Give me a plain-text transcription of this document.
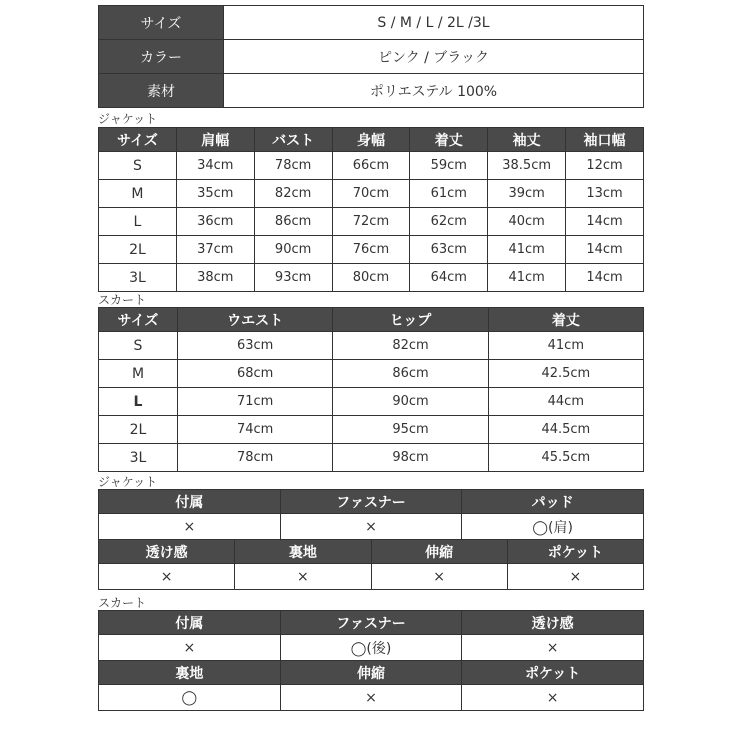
サイズ	S / M / L / 2L /3L
カラー	ピンク / ブラック
素材	ポリエステル 100%
ジャケット
サイズ	肩幅	バスト	身幅	着丈	袖丈	袖口幅
S	34cm	78cm	66cm	59cm	38.5cm	12cm
M	35cm	82cm	70cm	61cm	39cm	13cm
L	36cm	86cm	72cm	62cm	40cm	14cm
2L	37cm	90cm	76cm	63cm	41cm	14cm
3L	38cm	93cm	80cm	64cm	41cm	14cm
スカート
サイズ	ウエスト	ヒップ	着丈
S	63cm	82cm	41cm
M	68cm	86cm	42.5cm
L	71cm	90cm	44cm
2L	74cm	95cm	44.5cm
3L	78cm	98cm	45.5cm
ジャケット
付属	ファスナー	パッド
×	×	◯(肩)
透け感	裏地	伸縮	ポケット
×	×	×	×
スカート
付属	ファスナー	透け感
×	◯(後)	×
裏地	伸縮	ポケット
◯	×	×
